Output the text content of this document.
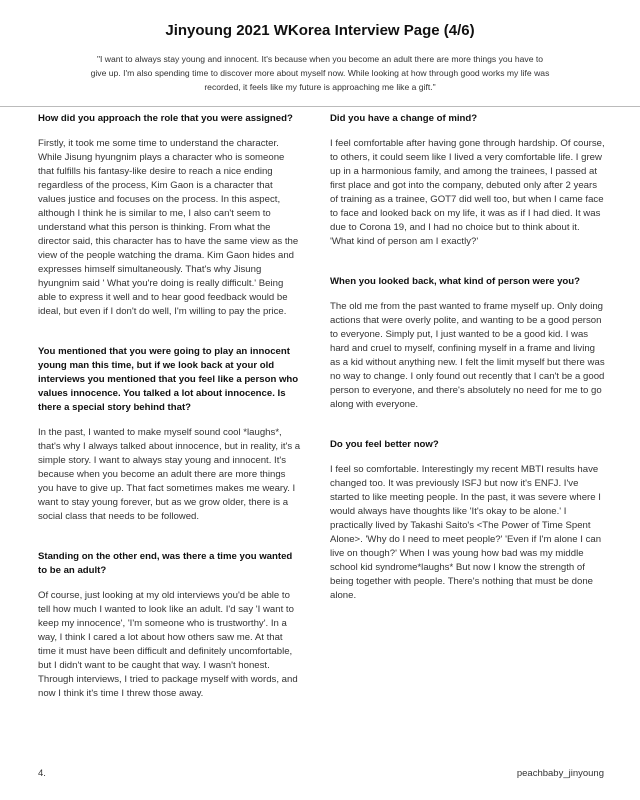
Jinyoung 2021 WKorea Interview Page (4/6)
"I want to always stay young and innocent. It's because when you become an adult there are more things you have to give up. I'm also spending time to discover more about myself now. While looking at how through good works my life was recorded, it feels like my future is approaching me like a gift."
How did you approach the role that you were assigned?
Firstly, it took me some time to understand the character. While Jisung hyungnim plays a character who is someone that fulfills his fantasy-like desire to reach a nice ending regardless of the process, Kim Gaon is a character that values justice and focuses on the process. In this aspect, although I think he is similar to me, I also can't seem to understand what this person is thinking. From what the director said, this character has to have the same view as the view of the people watching the drama. Kim Gaon hides and expresses himself simultaneously. That's why Jisung hyungnim said ' What you're doing is really difficult.' Being able to express it well and to hear good feedback would be ideal, but even if I don't do well, I'm willing to pay the price.
You mentioned that you were going to play an innocent young man this time, but if we look back at your old interviews you mentioned that you feel like a person who values innocence. You talked a lot about innocence. Is there a special story behind that?
In the past, I wanted to make myself sound cool *laughs*, that's why I always talked about innocence, but in reality, it's a simple story. I want to always stay young and innocent. It's because when you become an adult there are more things you have to give up. That fact sometimes makes me weary. I want to stay young forever, but as we grow older, there is a social class that needs to be followed.
Standing on the other end, was there a time you wanted to be an adult?
Of course, just looking at my old interviews you'd be able to tell how much I wanted to look like an adult. I'd say 'I want to keep my innocence', 'I'm someone who is trustworthy'. In a way, I think I cared a lot about how others saw me. At that time it must have been difficult and definitely uncomfortable, but I didn't want to be caught that way. I wasn't honest. Through interviews, I tried to package myself with words, and now I think it's time I threw those away.
Did you have a change of mind?
I feel comfortable after having gone through hardship. Of course, to others, it could seem like I lived a very comfortable life. I grew up in a harmonious family, and among the trainees, I passed at first place and got into the company, debuted only after 2 years of training as a trainee, GOT7 did well too, but when I came face to face and looked back on my life, it was as if I had died. It was due to Corona 19, and I had no choice but to think about it. 'What kind of person am I exactly?'
When you looked back, what kind of person were you?
The old me from the past wanted to frame myself up. Only doing actions that were overly polite, and wanting to be a good person to everyone. Simply put, I just wanted to be a good kid. I was hard and cruel to myself, confining myself in a frame and living as a kid without anything new. I felt the limit myself but there was no way to change. I only found out recently that I can't be a good person to everyone, and there's absolutely no need for me to go along with everyone.
Do you feel better now?
I feel so comfortable. Interestingly my recent MBTI results have changed too. It was previously ISFJ but now it's ENFJ. I've started to like meeting people. In the past, it was severe where I would always have thoughts like 'It's okay to be alone.' I practically lived by Takashi Saito's <The Power of Time Spent Alone>. 'Why do I need to meet people?' 'Even if I'm alone I can live on though?' When I was young how bad was my middle school kid syndrome*laughs* But now I know the strength of being together with people. There's nothing that must be done alone.
4.	peachbaby_jinyoung
